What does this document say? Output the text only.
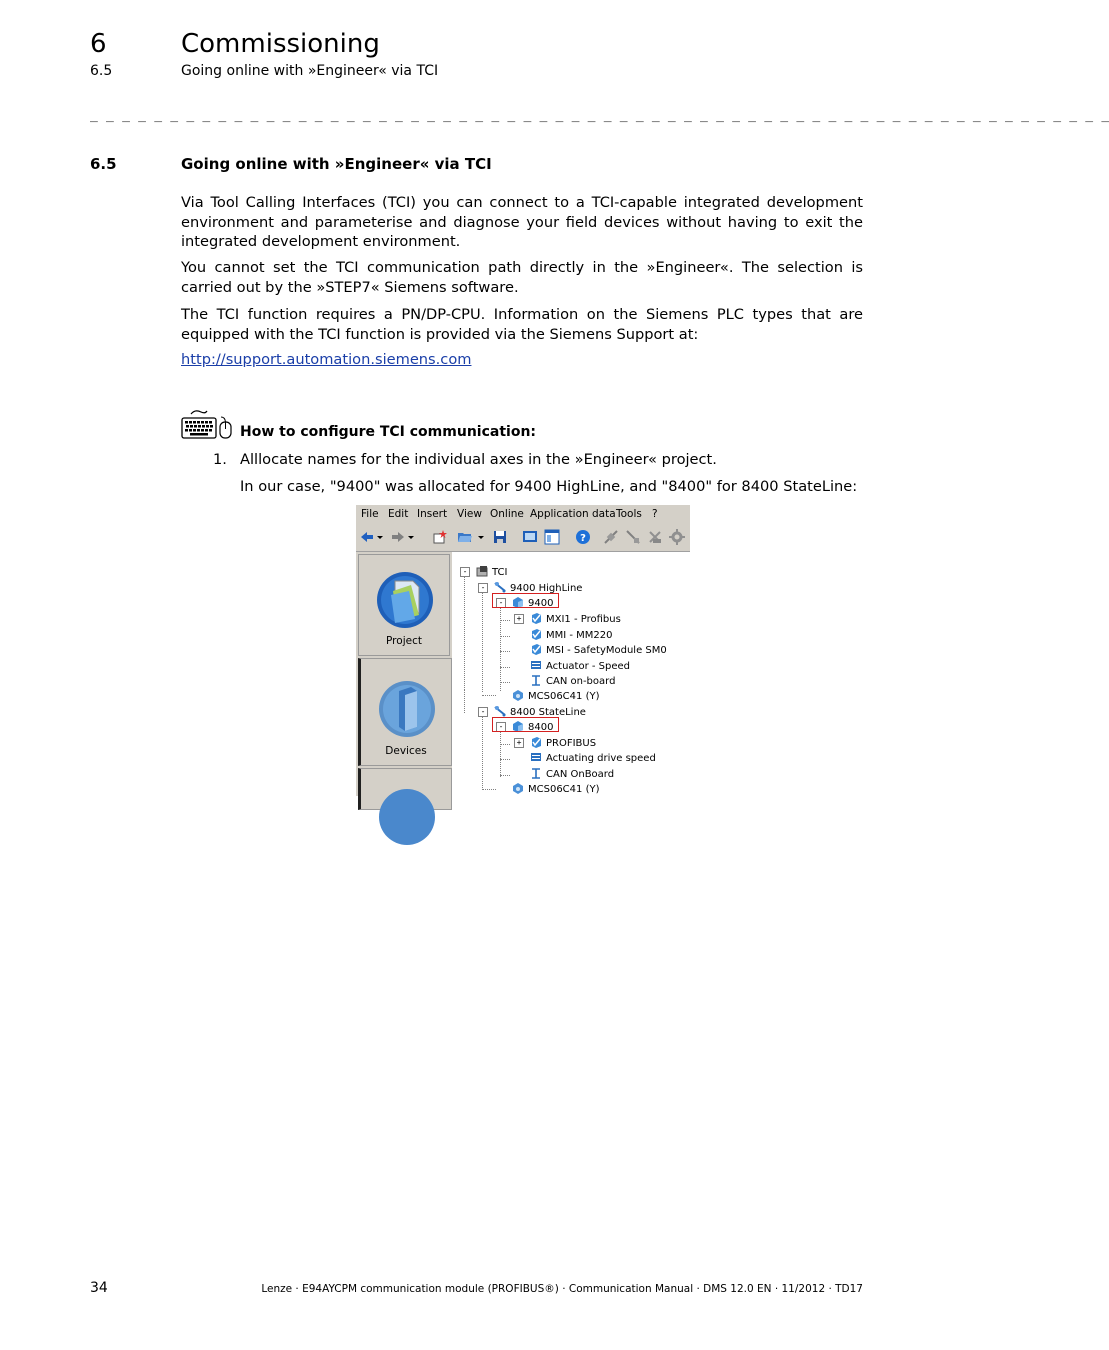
6	Commissioning
6.5	Going online with »Engineer« via TCI
_ _ _ _ _ _ _ _ _ _ _ _ _ _ _ _ _ _ _ _ _ _ _ _ _ _ _ _ _ _ _ _ _ _ _ _ _ _ _ _ _ _ _ _ _ _ _ _ _ _ _ _ _ _ _ _ _ _ _ _ _ _ _ _
6.5	Going online with »Engineer« via TCI
Via Tool Calling Interfaces (TCI) you can connect to a TCI-capable integrated development environment and parameterise and diagnose your field devices without having to exit the integrated development environment.
You cannot set the TCI communication path directly in the »Engineer«. The selection is carried out by the »STEP7« Siemens software.
The TCI function requires a PN/DP-CPU. Information on the Siemens PLC types that are equipped with the TCI function is provided via the Siemens Support at:
http://support.automation.siemens.com
How to configure TCI communication:
1. Alllocate names for the individual axes in the »Engineer« project.
In our case, "9400" was allocated for 9400 HighLine, and "8400" for 8400 StateLine:
File Edit Insert View Online Application data Tools ?
?
Project
Devices
-	TCI
-	9400 HighLine
-	9400
+	MXI1 - Profibus
MMI - MM220
MSI - SafetyModule SM0
Actuator - Speed
CAN on-board
MCS06C41 (Y)
-	8400 StateLine
-	8400
+	PROFIBUS
Actuating drive speed
CAN OnBoard
MCS06C41 (Y)
34	Lenze · E94AYCPM communication module (PROFIBUS®) · Communication Manual · DMS 12.0 EN · 11/2012 · TD17
